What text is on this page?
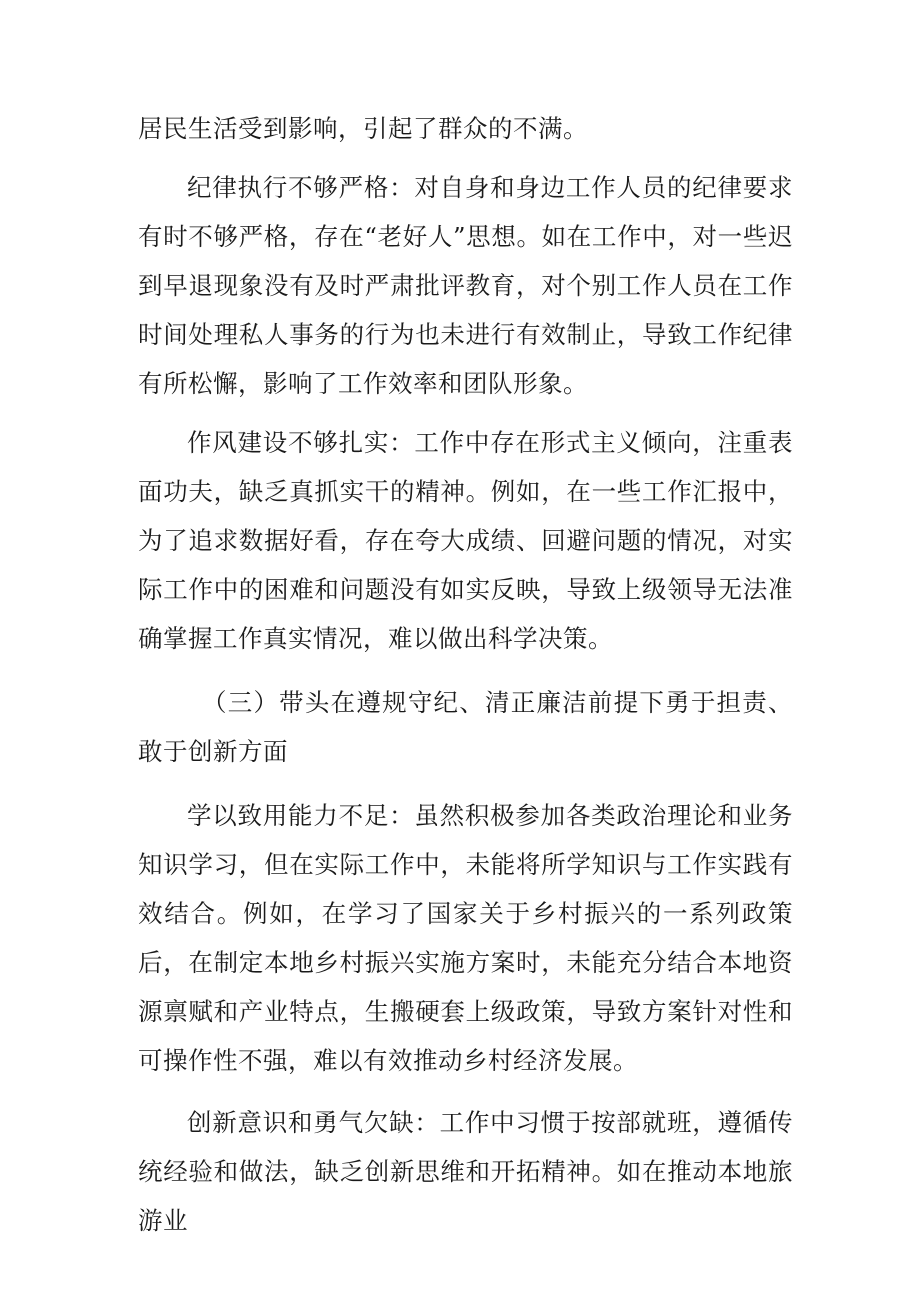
居民生活受到影响，引起了群众的不满。

纪律执行不够严格：对自身和身边工作人员的纪律要求有时不够严格，存在“老好人”思想。如在工作中，对一些迟到早退现象没有及时严肃批评教育，对个别工作人员在工作时间处理私人事务的行为也未进行有效制止，导致工作纪律有所松懈，影响了工作效率和团队形象。

作风建设不够扎实：工作中存在形式主义倾向，注重表面功夫，缺乏真抓实干的精神。例如，在一些工作汇报中，为了追求数据好看，存在夸大成绩、回避问题的情况，对实际工作中的困难和问题没有如实反映，导致上级领导无法准确掌握工作真实情况，难以做出科学决策。

（三）带头在遵规守纪、清正廉洁前提下勇于担责、敢于创新方面

学以致用能力不足：虽然积极参加各类政治理论和业务知识学习，但在实际工作中，未能将所学知识与工作实践有效结合。例如，在学习了国家关于乡村振兴的一系列政策后，在制定本地乡村振兴实施方案时，未能充分结合本地资源禀赋和产业特点，生搬硬套上级政策，导致方案针对性和可操作性不强，难以有效推动乡村经济发展。

创新意识和勇气欠缺：工作中习惯于按部就班，遵循传统经验和做法，缺乏创新思维和开拓精神。如在推动本地旅游业
